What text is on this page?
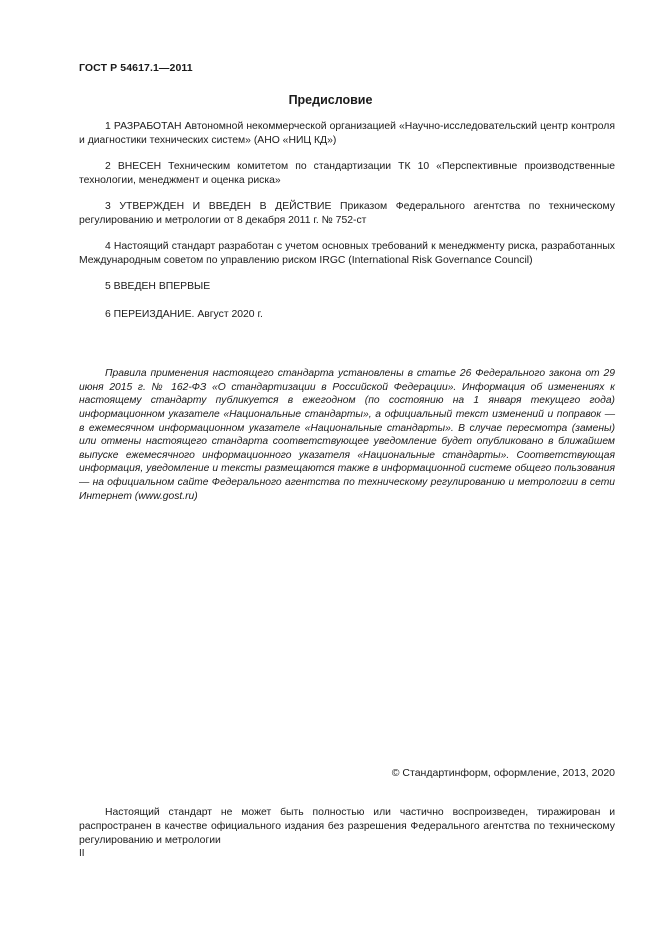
ГОСТ Р 54617.1—2011
Предисловие

1 РАЗРАБОТАН Автономной некоммерческой организацией «Научно-исследовательский центр контроля и диагностики технических систем» (АНО «НИЦ КД»)

2 ВНЕСЕН Техническим комитетом по стандартизации ТК 10 «Перспективные производственные технологии, менеджмент и оценка риска»

3 УТВЕРЖДЕН И ВВЕДЕН В ДЕЙСТВИЕ Приказом Федерального агентства по техническому регулированию и метрологии от 8 декабря 2011 г. № 752-ст

4 Настоящий стандарт разработан с учетом основных требований к менеджменту риска, разработанных Международным советом по управлению риском IRGC (International Risk Governance Council)

5 ВВЕДЕН ВПЕРВЫЕ

6 ПЕРЕИЗДАНИЕ. Август 2020 г.

Правила применения настоящего стандарта установлены в статье 26 Федерального закона от 29 июня 2015 г. № 162-ФЗ «О стандартизации в Российской Федерации». Информация об изменениях к настоящему стандарту публикуется в ежегодном (по состоянию на 1 января текущего года) информационном указателе «Национальные стандарты», а официальный текст изменений и поправок — в ежемесячном информационном указателе «Национальные стандарты». В случае пересмотра (замены) или отмены настоящего стандарта соответствующее уведомление будет опубликовано в ближайшем выпуске ежемесячного информационного указателя «Национальные стандарты». Соответствующая информация, уведомление и тексты размещаются также в информационной системе общего пользования — на официальном сайте Федерального агентства по техническому регулированию и метрологии в сети Интернет (www.gost.ru)

© Стандартинформ, оформление, 2013, 2020

Настоящий стандарт не может быть полностью или частично воспроизведен, тиражирован и распространен в качестве официального издания без разрешения Федерального агентства по техническому регулированию и метрологии

II
